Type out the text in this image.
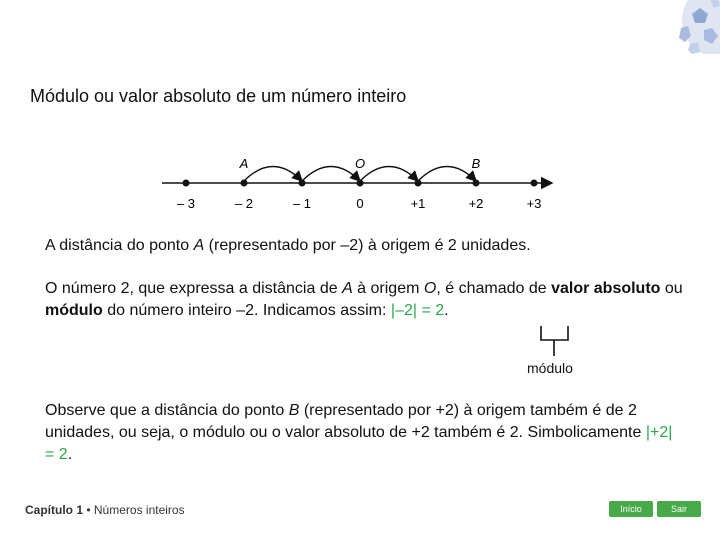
Módulo ou valor absoluto de um número inteiro
A	O	B
– 3	– 2	– 1	0	+1	+2	+3
A distância do ponto A (representado por –2) à origem é 2 unidades.
O número 2, que expressa a distância de A à origem O, é chamado de valor absoluto ou módulo do número inteiro –2. Indicamos assim: |–2| = 2.
módulo
Observe que a distância do ponto B (representado por +2) à origem também é de 2 unidades, ou seja, o módulo ou o valor absoluto de +2 também é 2. Simbolicamente |+2| = 2.
Capítulo 1 • Números inteiros	Início	Sair
